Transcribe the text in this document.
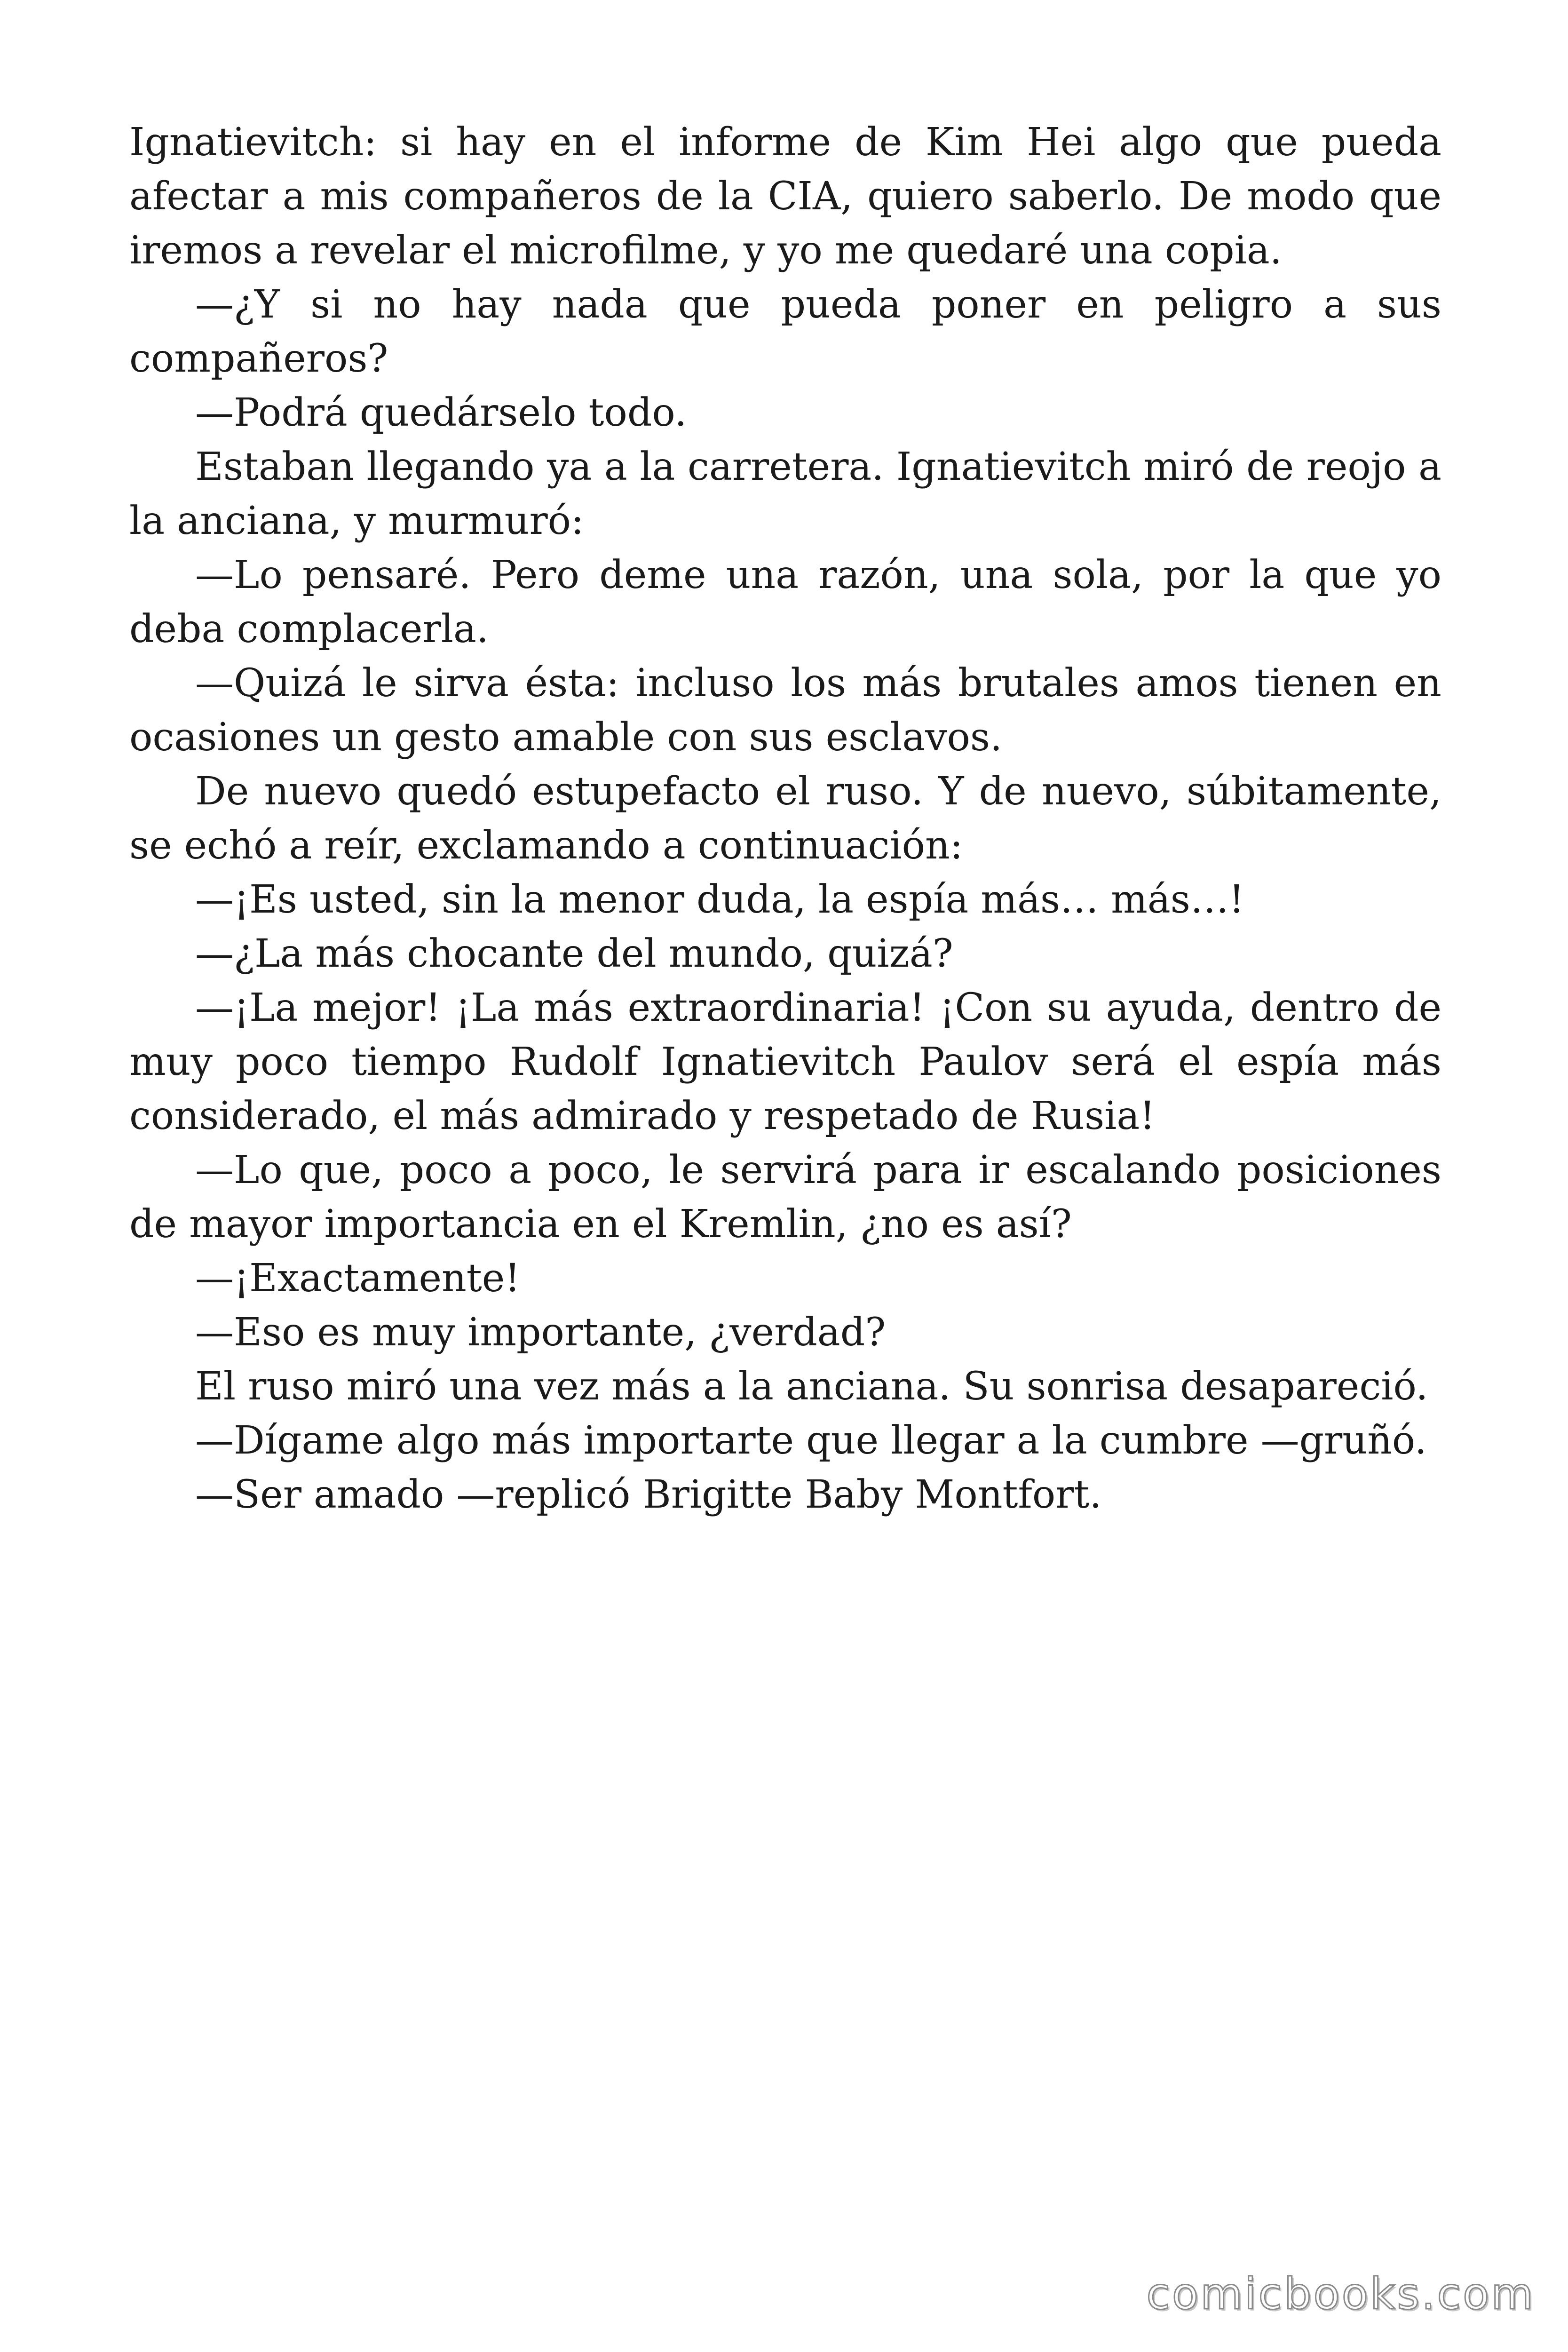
Ignatievitch: si hay en el informe de Kim Hei algo que pueda afectar a mis compañeros de la CIA, quiero saberlo. De modo que iremos a revelar el microfilme, y yo me quedaré una copia.

—¿Y si no hay nada que pueda poner en peligro a sus compañeros?

—Podrá quedárselo todo.

Estaban llegando ya a la carretera. Ignatievitch miró de reojo a la anciana, y murmuró:

—Lo pensaré. Pero deme una razón, una sola, por la que yo deba complacerla.

—Quizá le sirva ésta: incluso los más brutales amos tienen en ocasiones un gesto amable con sus esclavos.

De nuevo quedó estupefacto el ruso. Y de nuevo, súbitamente, se echó a reír, exclamando a continuación:

—¡Es usted, sin la menor duda, la espía más… más…!

—¿La más chocante del mundo, quizá?

—¡La mejor! ¡La más extraordinaria! ¡Con su ayuda, dentro de muy poco tiempo Rudolf Ignatievitch Paulov será el espía más considerado, el más admirado y respetado de Rusia!

—Lo que, poco a poco, le servirá para ir escalando posiciones de mayor importancia en el Kremlin, ¿no es así?

—¡Exactamente!

—Eso es muy importante, ¿verdad?

El ruso miró una vez más a la anciana. Su sonrisa desapareció.

—Dígame algo más importarte que llegar a la cumbre —gruñó.

—Ser amado —replicó Brigitte Baby Montfort.

comicbooks.com
